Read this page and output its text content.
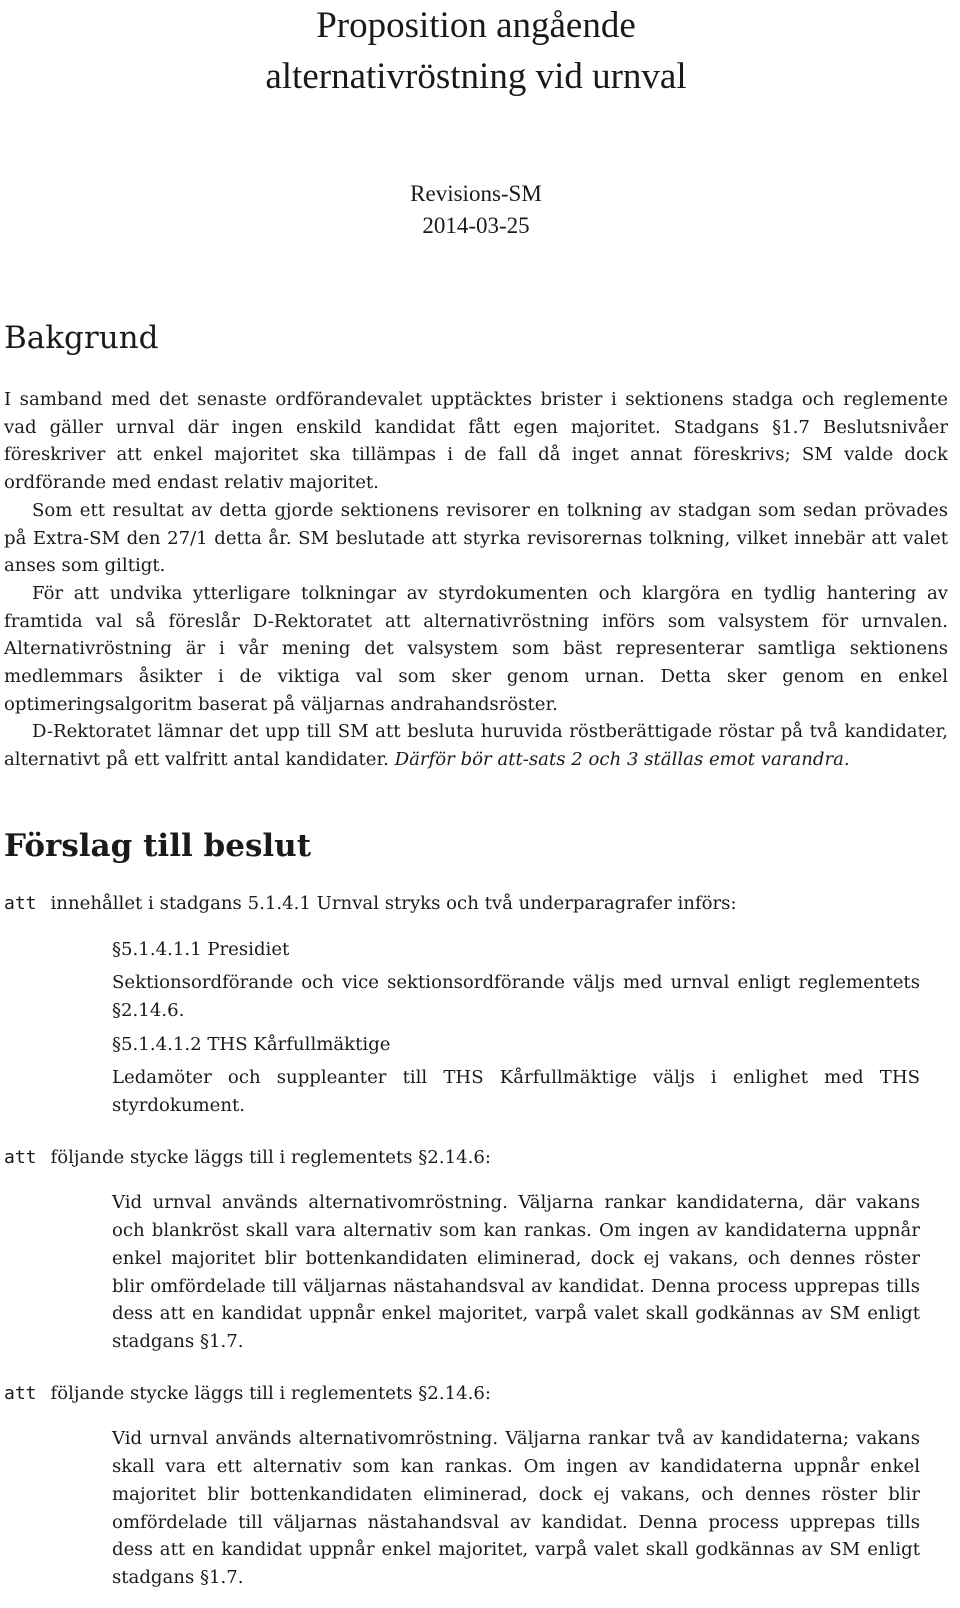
Proposition angående
alternativröstning vid urnval
Revisions-SM
2014-03-25
Bakgrund

I samband med det senaste ordförandevalet upptäcktes brister i sektionens stadga och reglemente vad gäller urnval där ingen enskild kandidat fått egen majoritet. Stadgans §1.7 Beslutsnivåer föreskriver att enkel majoritet ska tillämpas i de fall då inget annat föreskrivs; SM valde dock ordförande med endast relativ majoritet.

Som ett resultat av detta gjorde sektionens revisorer en tolkning av stadgan som sedan prövades på Extra-SM den 27/1 detta år. SM beslutade att styrka revisorernas tolkning, vilket innebär att valet anses som giltigt.

För att undvika ytterligare tolkningar av styrdokumenten och klargöra en tydlig hantering av framtida val så föreslår D-Rektoratet att alternativröstning införs som valsystem för urnvalen. Alternativröstning är i vår mening det valsystem som bäst representerar samtliga sektionens medlemmars åsikter i de viktiga val som sker genom urnan. Detta sker genom en enkel optimeringsalgoritm baserat på väljarnas andrahandsröster.

D-Rektoratet lämnar det upp till SM att besluta huruvida röstberättigade röstar på två kandidater, alternativt på ett valfritt antal kandidater. Därför bör att-sats 2 och 3 ställas emot varandra.

Förslag till beslut
att innehållet i stadgans 5.1.4.1 Urnval stryks och två underparagrafer införs:

§5.1.4.1.1 Presidiet

Sektionsordförande och vice sektionsordförande väljs med urnval enligt reglementets §2.14.6.

§5.1.4.1.2 THS Kårfullmäktige

Ledamöter och suppleanter till THS Kårfullmäktige väljs i enlighet med THS styrdokument.

att följande stycke läggs till i reglementets §2.14.6:

Vid urnval används alternativomröstning. Väljarna rankar kandidaterna, där vakans och blankröst skall vara alternativ som kan rankas. Om ingen av kandidaterna uppnår enkel majoritet blir bottenkandidaten eliminerad, dock ej vakans, och dennes röster blir omfördelade till väljarnas nästahandsval av kandidat. Denna process upprepas tills dess att en kandidat uppnår enkel majoritet, varpå valet skall godkännas av SM enligt stadgans §1.7.

att följande stycke läggs till i reglementets §2.14.6:

Vid urnval används alternativomröstning. Väljarna rankar två av kandidaterna; vakans skall vara ett alternativ som kan rankas. Om ingen av kandidaterna uppnår enkel majoritet blir bottenkandidaten eliminerad, dock ej vakans, och dennes röster blir omfördelade till väljarnas nästahandsval av kandidat. Denna process upprepas tills dess att en kandidat uppnår enkel majoritet, varpå valet skall godkännas av SM enligt stadgans §1.7.
